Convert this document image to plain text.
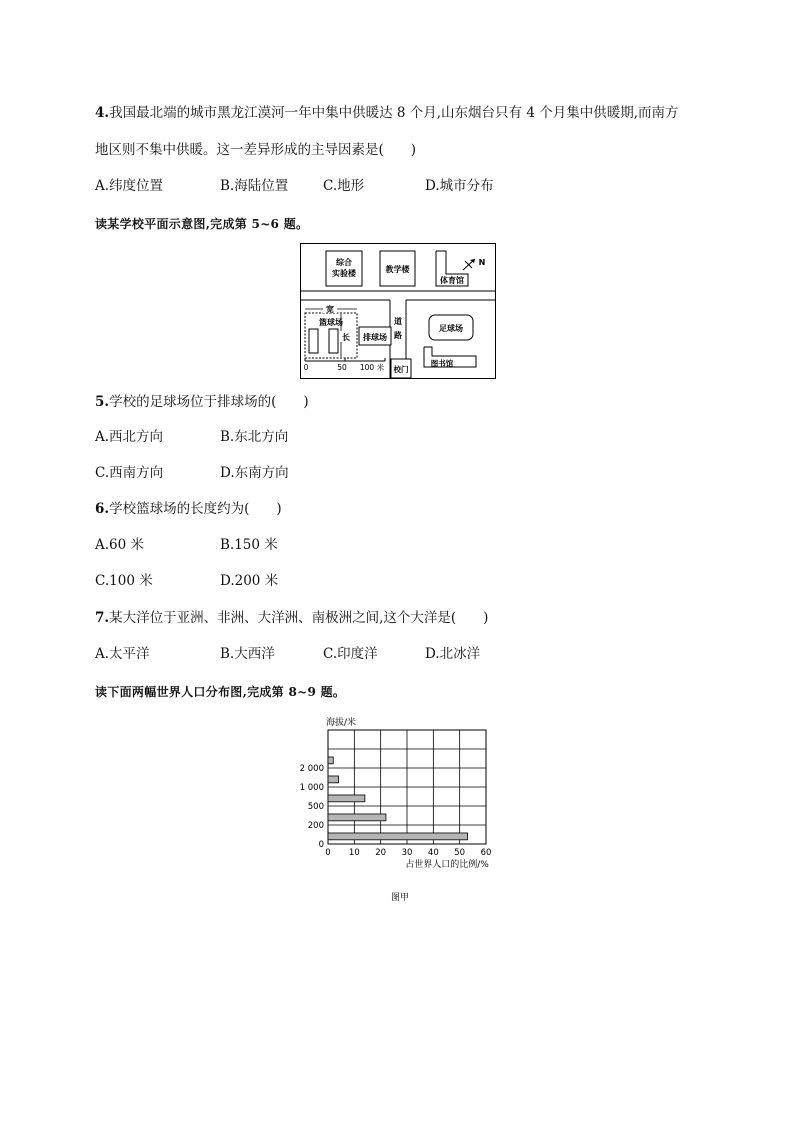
4.我国最北端的城市黑龙江漠河一年中集中供暖达 8 个月,山东烟台只有 4 个月集中供暖期,而南方
地区则不集中供暖。这一差异形成的主导因素是(　　)
A.纬度位置	B.海陆位置	C.地形	D.城市分布
读某学校平面示意图,完成第 5~6 题。
综合
实验楼	教学楼
体育馆
N
宽
篮球场
长
0	50 100 米
排球场
道
路
校门
足球场
图书馆
5.学校的足球场位于排球场的(　　)
A.西北方向	B.东北方向
C.西南方向	D.东南方向
6.学校篮球场的长度约为(　　)
A.60 米	B.150 米
C.100 米	D.200 米
7.某大洋位于亚洲、非洲、大洋洲、南极洲之间,这个大洋是(　　)
A.太平洋	B.大西洋	C.印度洋	D.北冰洋
读下面两幅世界人口分布图,完成第 8~9 题。
海拔/米
0
200
500
1 000
2 000
0 10 20 30 40 50 60
占世界人口的比例/%
图甲
